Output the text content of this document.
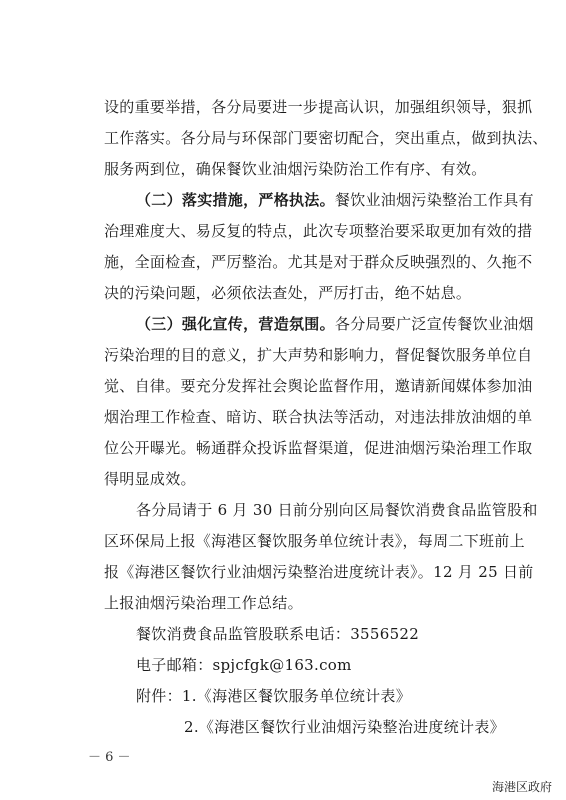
设的重要举措，各分局要进一步提高认识，加强组织领导，狠抓
工作落实。各分局与环保部门要密切配合，突出重点，做到执法、
服务两到位，确保餐饮业油烟污染防治工作有序、有效。
（二）落实措施，严格执法。餐饮业油烟污染整治工作具有
治理难度大、易反复的特点，此次专项整治要采取更加有效的措
施，全面检查，严厉整治。尤其是对于群众反映强烈的、久拖不
决的污染问题，必须依法查处，严厉打击，绝不姑息。
（三）强化宣传，营造氛围。各分局要广泛宣传餐饮业油烟
污染治理的目的意义，扩大声势和影响力，督促餐饮服务单位自
觉、自律。要充分发挥社会舆论监督作用，邀请新闻媒体参加油
烟治理工作检查、暗访、联合执法等活动，对违法排放油烟的单
位公开曝光。畅通群众投诉监督渠道，促进油烟污染治理工作取
得明显成效。
各分局请于 6 月 30 日前分别向区局餐饮消费食品监管股和
区环保局上报《海港区餐饮服务单位统计表》，每周二下班前上
报《海港区餐饮行业油烟污染整治进度统计表》。12 月 25 日前
上报油烟污染治理工作总结。
餐饮消费食品监管股联系电话：3556522
电子邮箱：spjcfgk@163.com
附件：1.《海港区餐饮服务单位统计表》
2.《海港区餐饮行业油烟污染整治进度统计表》
－ 6 －
海港区政府
